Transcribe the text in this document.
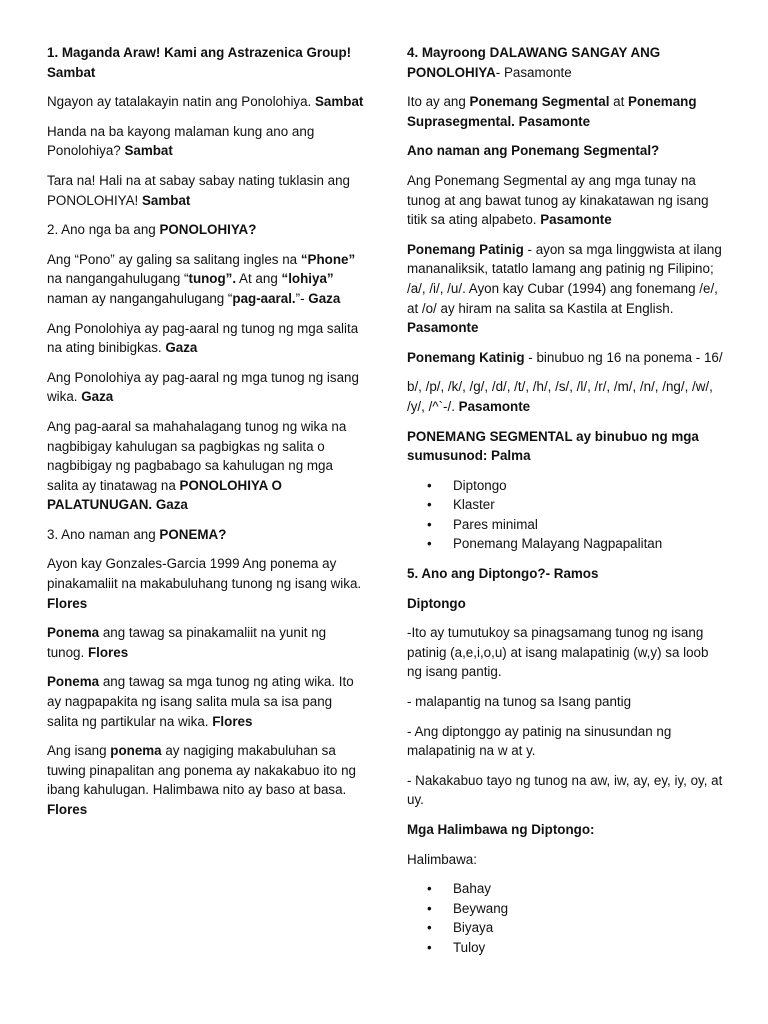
1. Maganda Araw! Kami ang Astrazenica Group! Sambat

Ngayon ay tatalakayin natin ang Ponolohiya. Sambat

Handa na ba kayong malaman kung ano ang Ponolohiya? Sambat

Tara na! Hali na at sabay sabay nating tuklasin ang PONOLOHIYA! Sambat

2. Ano nga ba ang PONOLOHIYA?

Ang “Pono” ay galing sa salitang ingles na “Phone” na nangangahulugang “tunog”. At ang “lohiya” naman ay nangangahulugang “pag-aaral.”- Gaza

Ang Ponolohiya ay pag-aaral ng tunog ng mga salita na ating binibigkas. Gaza

Ang Ponolohiya ay pag-aaral ng mga tunog ng isang wika. Gaza

Ang pag-aaral sa mahahalagang tunog ng wika na nagbibigay kahulugan sa pagbigkas ng salita o nagbibigay ng pagbabago sa kahulugan ng mga salita ay tinatawag na PONOLOHIYA O PALATUNUGAN. Gaza

3. Ano naman ang PONEMA?

Ayon kay Gonzales-Garcia 1999 Ang ponema ay pinakamaliit na makabuluhang tunong ng isang wika. Flores

Ponema ang tawag sa pinakamaliit na yunit ng tunog. Flores

Ponema ang tawag sa mga tunog ng ating wika. Ito ay nagpapakita ng isang salita mula sa isa pang salita ng partikular na wika. Flores

Ang isang ponema ay nagiging makabuluhan sa tuwing pinapalitan ang ponema ay nakakabuo ito ng ibang kahulugan. Halimbawa nito ay baso at basa. Flores

4. Mayroong DALAWANG SANGAY ANG PONOLOHIYA- Pasamonte

Ito ay ang Ponemang Segmental at Ponemang Suprasegmental. Pasamonte

Ano naman ang Ponemang Segmental?

Ang Ponemang Segmental ay ang mga tunay na tunog at ang bawat tunog ay kinakatawan ng isang titik sa ating alpabeto. Pasamonte

Ponemang Patinig - ayon sa mga linggwista at ilang mananaliksik, tatatlo lamang ang patinig ng Filipino; /a/, /i/, /u/. Ayon kay Cubar (1994) ang fonemang /e/, at /o/ ay hiram na salita sa Kastila at English. Pasamonte

Ponemang Katinig - binubuo ng 16 na ponema - 16/

b/, /p/, /k/, /g/, /d/, /t/, /h/, /s/, /l/, /r/, /m/, /n/, /ng/, /w/, /y/, /^`-/. Pasamonte

PONEMANG SEGMENTAL ay binubuo ng mga sumusunod: Palma

• Diptongo
• Klaster
• Pares minimal
• Ponemang Malayang Nagpapalitan

5. Ano ang Diptongo?- Ramos

Diptongo

-Ito ay tumutukoy sa pinagsamang tunog ng isang patinig (a,e,i,o,u) at isang malapatinig (w,y) sa loob ng isang pantig.

- malapantig na tunog sa Isang pantig

- Ang diptonggo ay patinig na sinusundan ng malapatinig na w at y.

- Nakakabuo tayo ng tunog na aw, iw, ay, ey, iy, oy, at uy.

Mga Halimbawa ng Diptongo:

Halimbawa:

• Bahay
• Beywang
• Biyaya
• Tuloy
